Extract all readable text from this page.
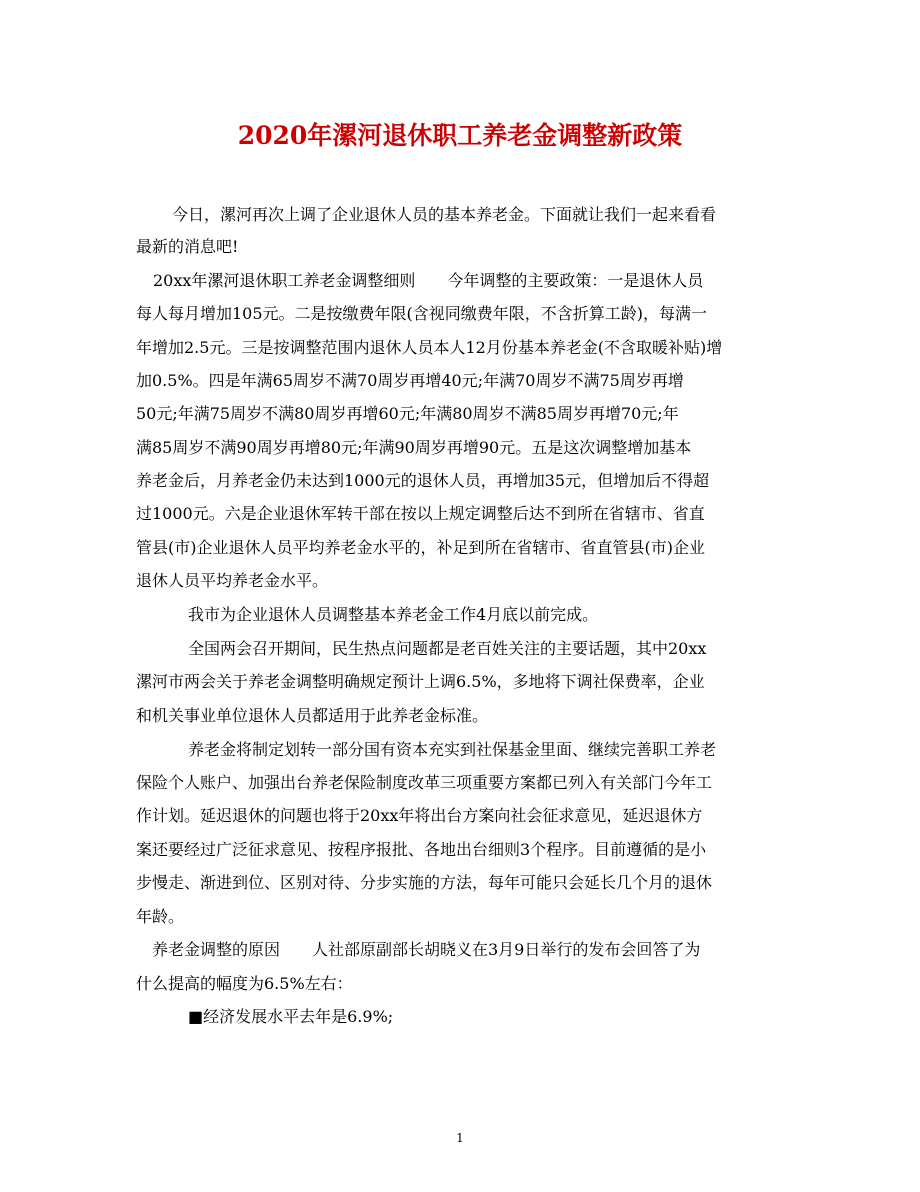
2020年漯河退休职工养老金调整新政策
今日，漯河再次上调了企业退休人员的基本养老金。下面就让我们一起来看看
最新的消息吧!
20xx年漯河退休职工养老金调整细则　　今年调整的主要政策：一是退休人员
每人每月增加105元。二是按缴费年限(含视同缴费年限，不含折算工龄)，每满一
年增加2.5元。三是按调整范围内退休人员本人12月份基本养老金(不含取暖补贴)增
加0.5%。四是年满65周岁不满70周岁再增40元;年满70周岁不满75周岁再增
50元;年满75周岁不满80周岁再增60元;年满80周岁不满85周岁再增70元;年
满85周岁不满90周岁再增80元;年满90周岁再增90元。五是这次调整增加基本
养老金后，月养老金仍未达到1000元的退休人员，再增加35元，但增加后不得超
过1000元。六是企业退休军转干部在按以上规定调整后达不到所在省辖市、省直
管县(市)企业退休人员平均养老金水平的，补足到所在省辖市、省直管县(市)企业
退休人员平均养老金水平。
我市为企业退休人员调整基本养老金工作4月底以前完成。
全国两会召开期间，民生热点问题都是老百姓关注的主要话题，其中20xx
漯河市两会关于养老金调整明确规定预计上调6.5%，多地将下调社保费率，企业
和机关事业单位退休人员都适用于此养老金标准。
养老金将制定划转一部分国有资本充实到社保基金里面、继续完善职工养老
保险个人账户、加强出台养老保险制度改革三项重要方案都已列入有关部门今年工
作计划。延迟退休的问题也将于20xx年将出台方案向社会征求意见，延迟退休方
案还要经过广泛征求意见、按程序报批、各地出台细则3个程序。目前遵循的是小
步慢走、渐进到位、区别对待、分步实施的方法，每年可能只会延长几个月的退休
年龄。
养老金调整的原因　　人社部原副部长胡晓义在3月9日举行的发布会回答了为
什么提高的幅度为6.5%左右：
■经济发展水平去年是6.9%;
1
